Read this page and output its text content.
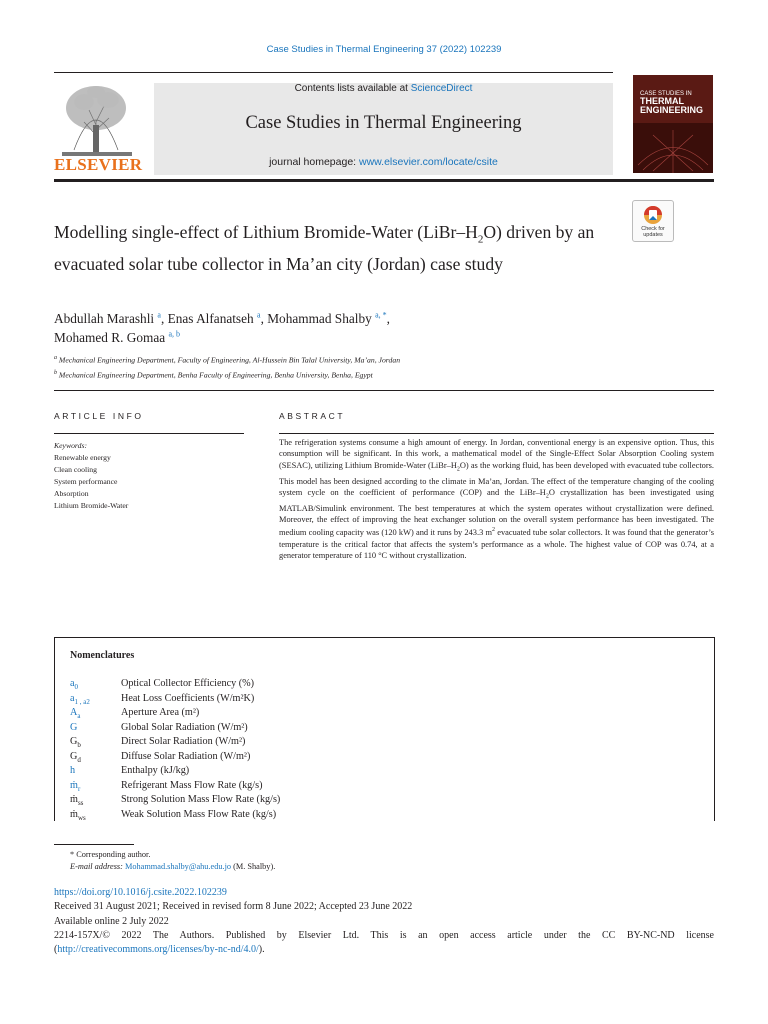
Case Studies in Thermal Engineering 37 (2022) 102239
ELSEVIER
Contents lists available at ScienceDirect
Case Studies in Thermal Engineering
journal homepage: www.elsevier.com/locate/csite
CASE STUDIES IN
THERMAL
ENGINEERING
Check for
updates
Modelling single-effect of Lithium Bromide-Water $(LiBr-H_2O)$ driven by an evacuated solar tube collector in Ma’an city (Jordan) case study
Abdullah Marashli $^a$, Enas Alfanatseh $^a$, Mohammad Shalby $^{a, *}$,
Mohamed R. Gomaa $^{a, b}$
$^a$ Mechanical Engineering Department, Faculty of Engineering, Al-Hussein Bin Talal University, Ma’an, Jordan
$^b$ Mechanical Engineering Department, Benha Faculty of Engineering, Benha University, Benha, Egypt
ARTICLE INFO
Keywords:
Renewable energy
Clean cooling
System performance
Absorption
Lithium Bromide-Water
ABSTRACT
The refrigeration systems consume a high amount of energy. In Jordan, conventional energy is an expensive option. Thus, this consumption will be significant. In this work, a mathematical model of the Single-Effect Solar Absorption Cooling system (SESAC), utilizing Lithium Bromide-Water $(LiBr-H_2O)$ as the working fluid, has been developed with evacuated tube collectors. This model has been designed according to the climate in Ma’an, Jordan. The effect of the temperature changing of the cooling system cycle on the coefficient of performance (COP) and the LiBr–$H_2O$ crystallization has been investigated using MATLAB/Simulink environment. The best temperatures at which the system operates without crystallization were defined. Moreover, the effect of improving the heat exchanger solution on the overall system performance has been investigated. The medium cooling capacity was (120 kW) and it runs by 243.3 $m^2$ evacuated tube solar collectors. It was found that the generator’s temperature is the critical factor that affects the system’s performance as a whole. The highest value of COP was 0.74, at a generator temperature of 110 °C without crystallization.
Nomenclatures
$a_0$	Optical Collector Efficiency (%)
$a_{1 , a2}$	Heat Loss Coefficients (W/m²K)
$A_a$	Aperture Area (m²)
G	Global Solar Radiation (W/m²)
$G_b$	Direct Solar Radiation (W/m²)
$G_d$	Diffuse Solar Radiation (W/m²)
h	Enthalpy (kJ/kg)
ṁ$_r$	Refrigerant Mass Flow Rate (kg/s)
ṁ$_{ss}$	Strong Solution Mass Flow Rate (kg/s)
ṁ$_{ws}$	Weak Solution Mass Flow Rate (kg/s)
* Corresponding author.
E-mail address: Mohammad.shalby@ahu.edu.jo (M. Shalby).
https://doi.org/10.1016/j.csite.2022.102239
Received 31 August 2021; Received in revised form 8 June 2022; Accepted 23 June 2022
Available online 2 July 2022
2214-157X/© 2022 The Authors. Published by Elsevier Ltd. This is an open access article under the CC BY-NC-ND license
(http://creativecommons.org/licenses/by-nc-nd/4.0/).
